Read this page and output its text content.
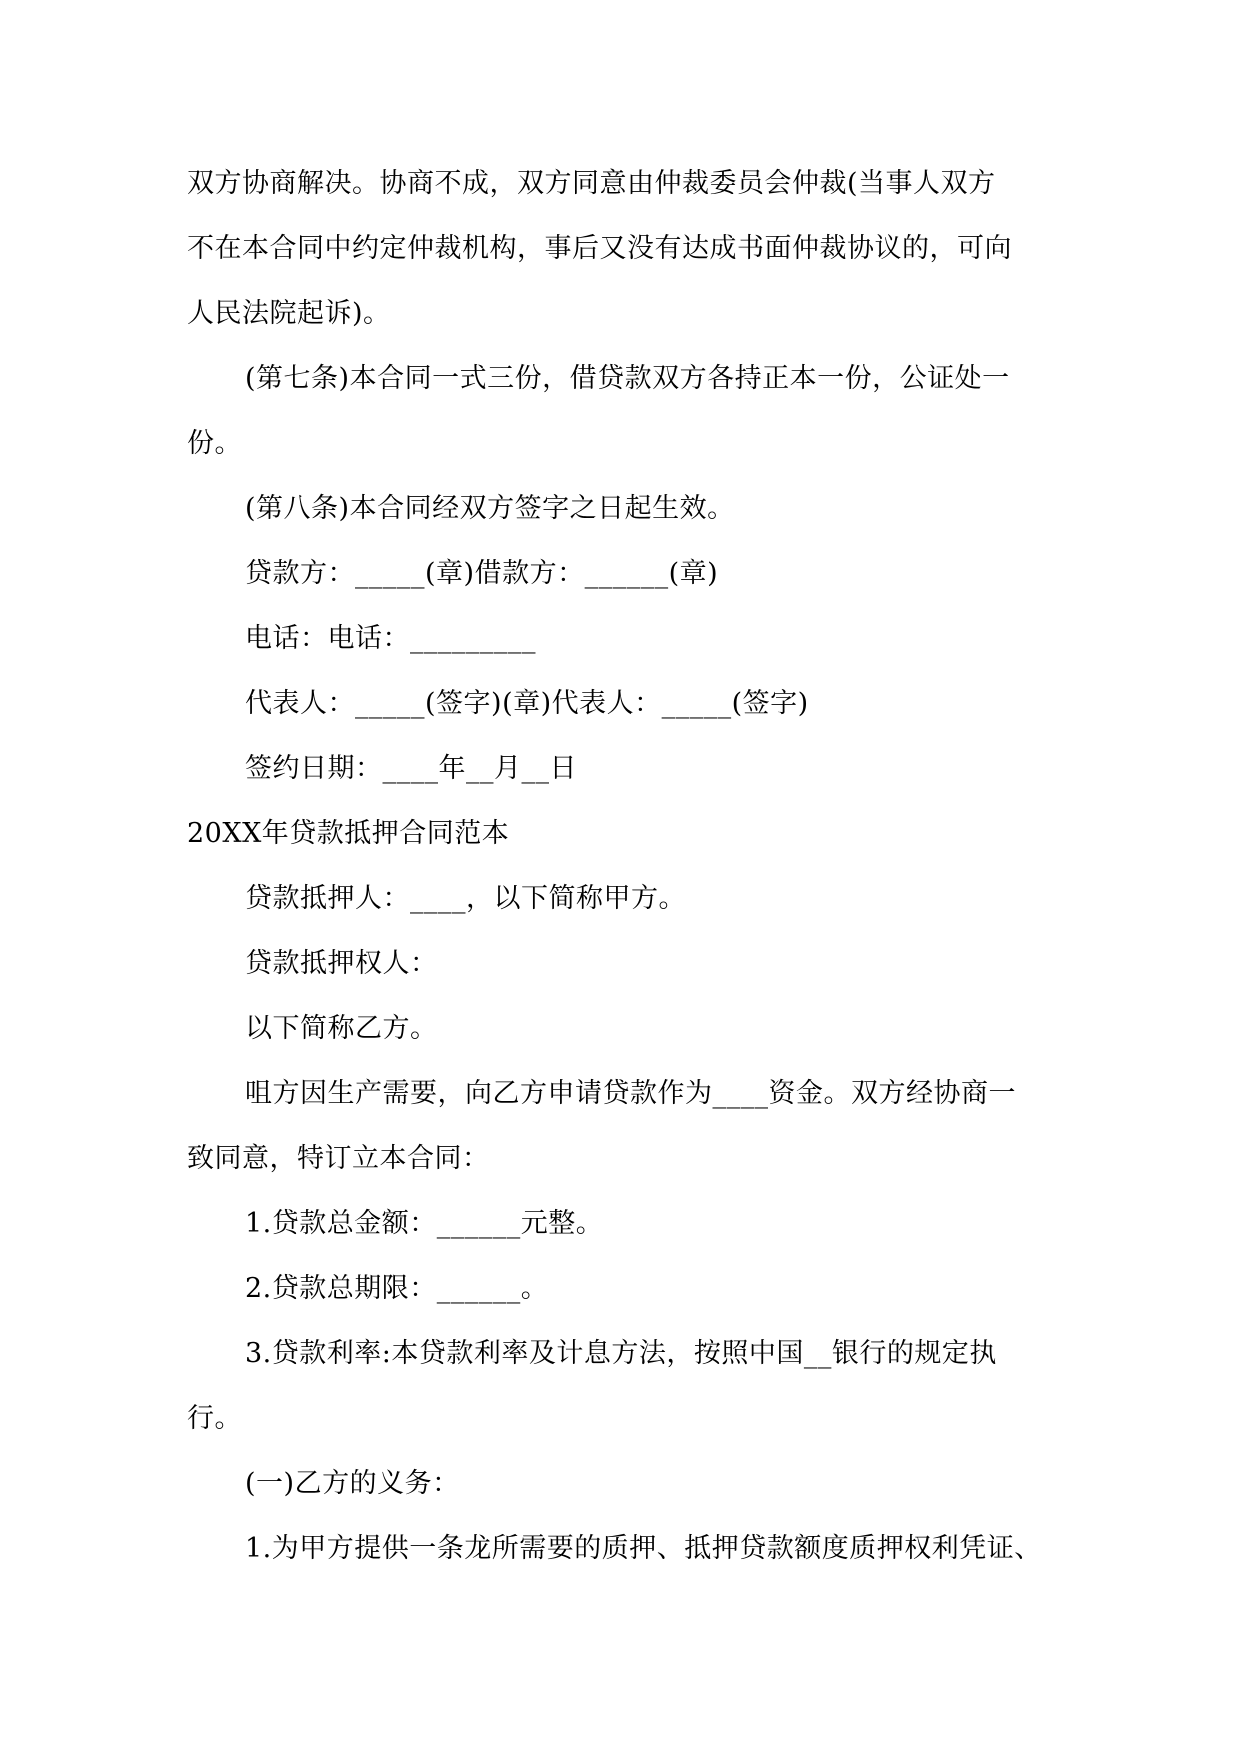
双方协商解决。协商不成，双方同意由仲裁委员会仲裁(当事人双方
不在本合同中约定仲裁机构，事后又没有达成书面仲裁协议的，可向
人民法院起诉)。
(第七条)本合同一式三份，借贷款双方各持正本一份，公证处一
份。
(第八条)本合同经双方签字之日起生效。
贷款方：_____(章)借款方：______(章)
电话：电话：_________
代表人：_____(签字)(章)代表人：_____(签字)
签约日期：____年__月__日
20XX年贷款抵押合同范本
贷款抵押人：____，以下简称甲方。
贷款抵押权人：
以下简称乙方。
咀方因生产需要，向乙方申请贷款作为____资金。双方经协商一
致同意，特订立本合同：
1.贷款总金额：______元整。
2.贷款总期限：______。
3.贷款利率:本贷款利率及计息方法，按照中国__银行的规定执
行。
(一)乙方的义务：
1.为甲方提供一条龙所需要的质押、抵押贷款额度质押权利凭证、
